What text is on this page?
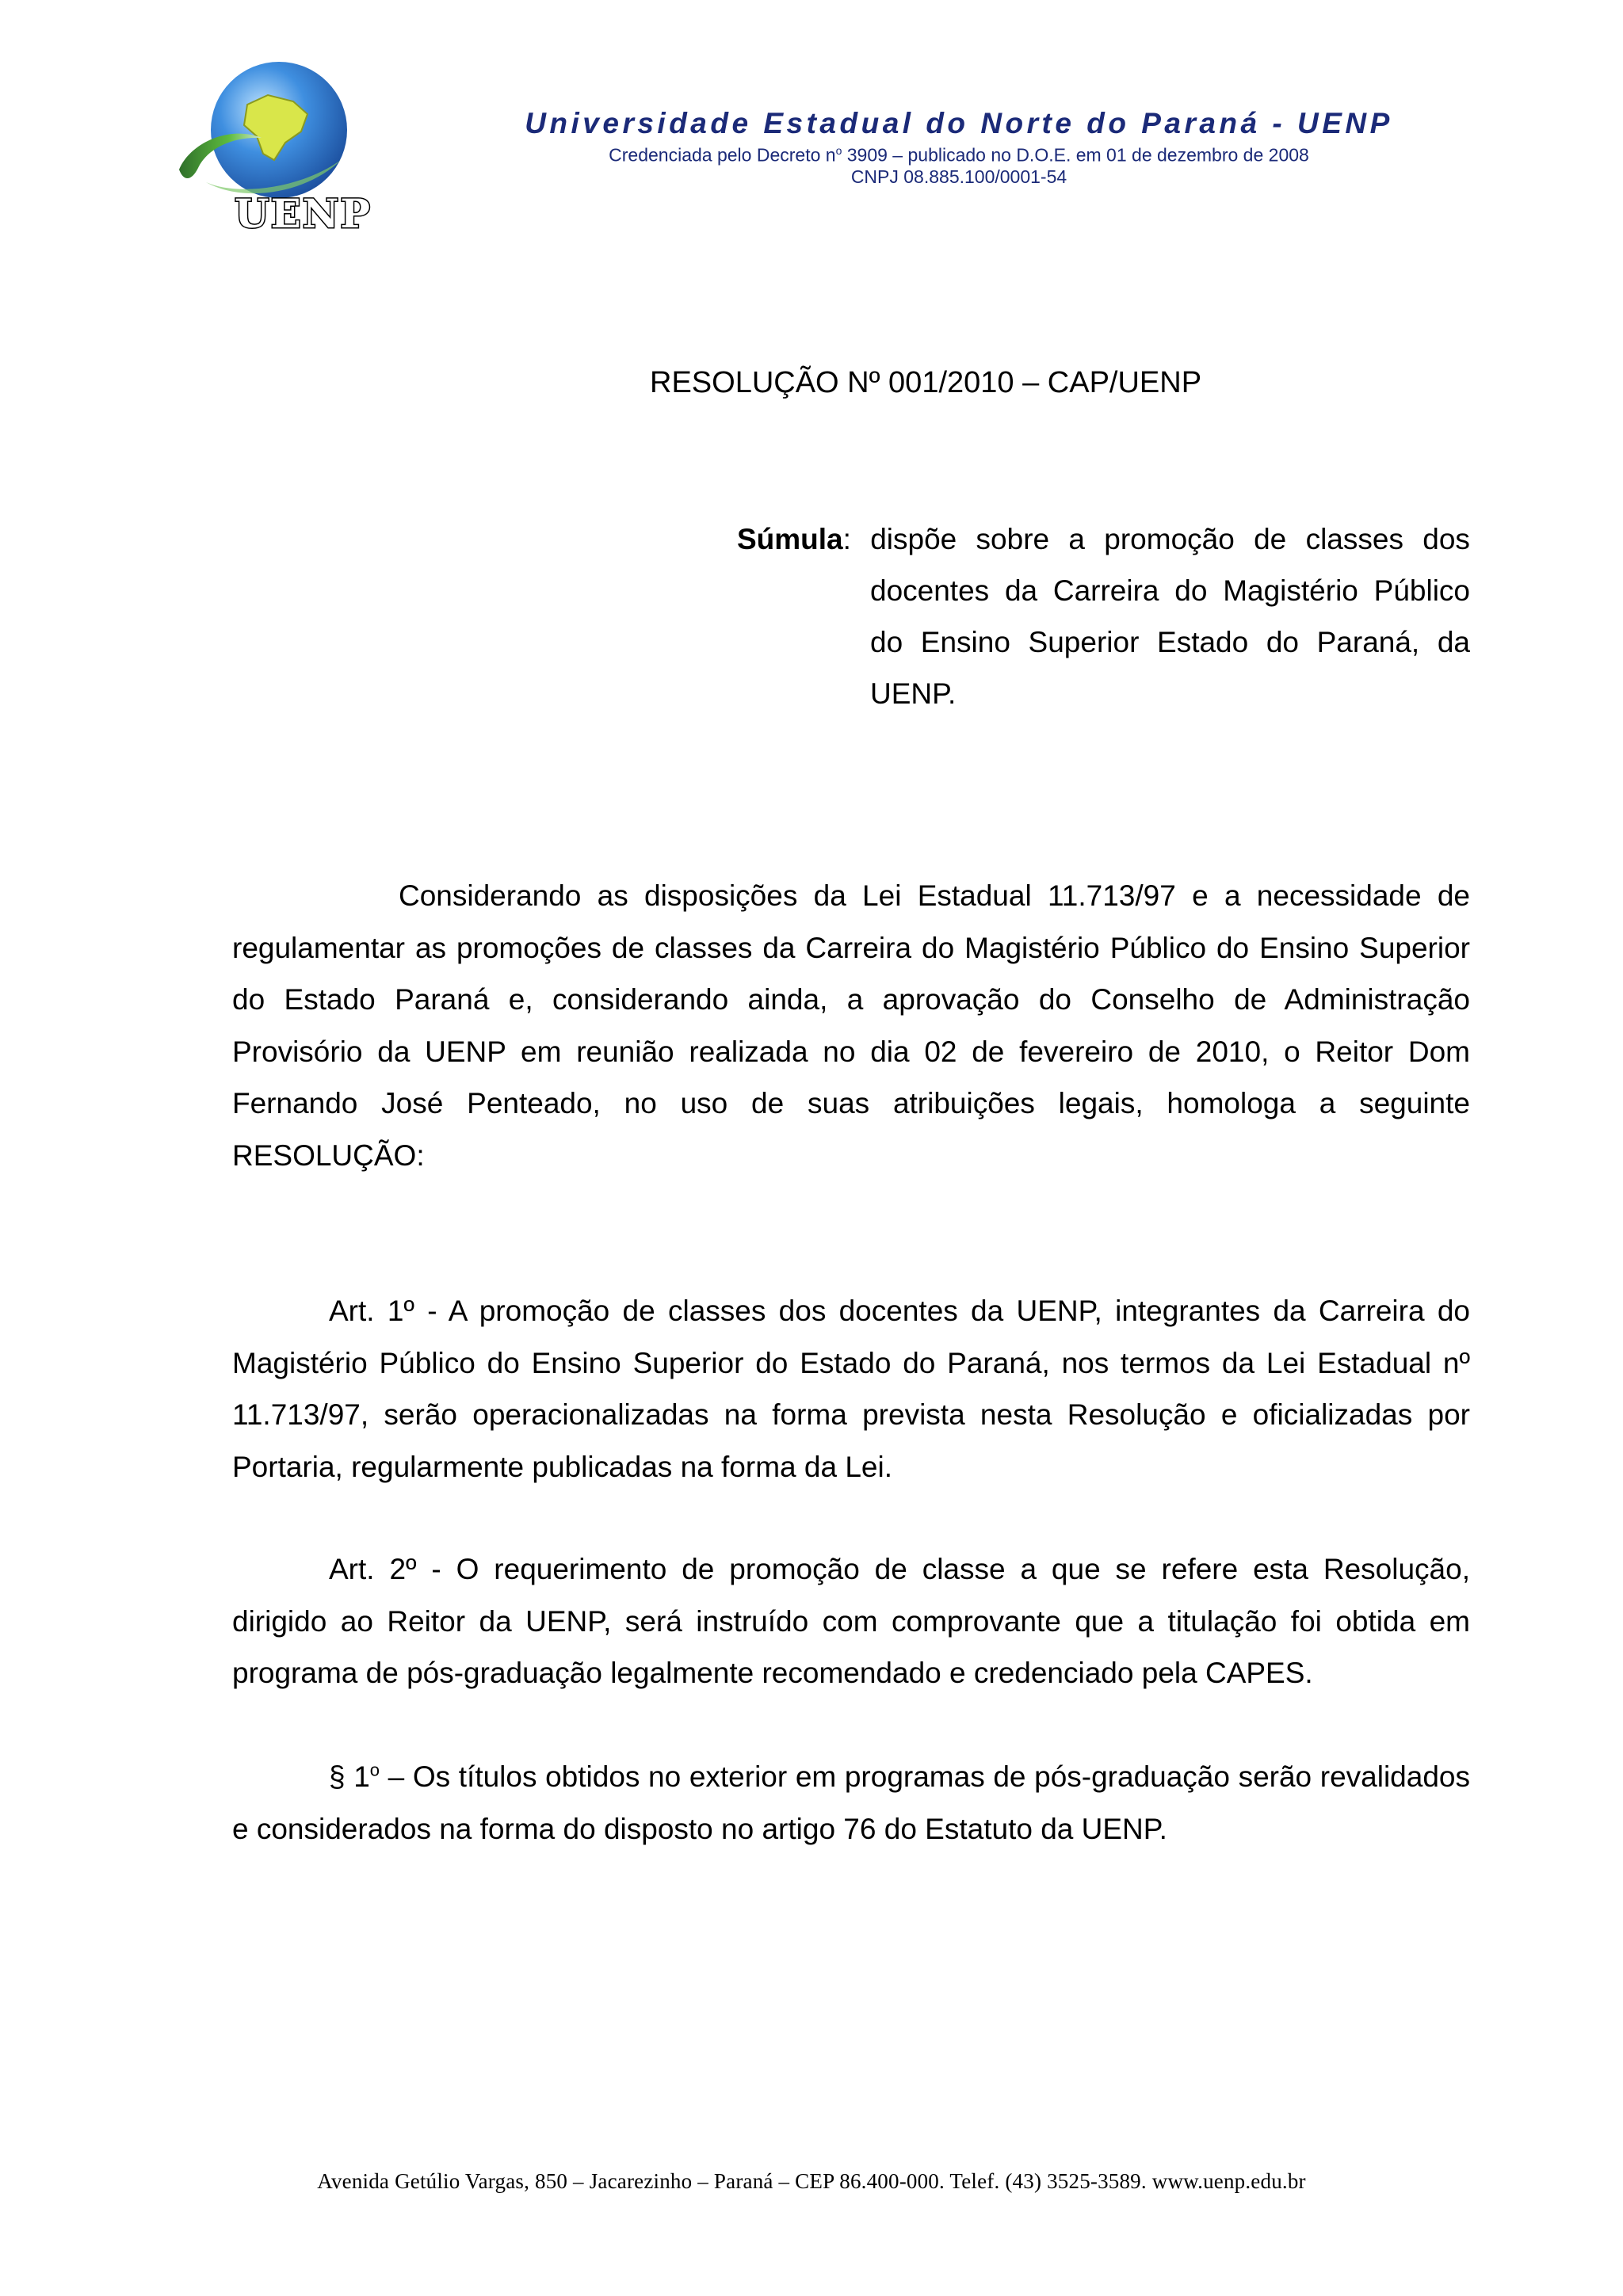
UENP
Universidade Estadual do Norte do Paraná - UENP
Credenciada pelo Decreto $n^o$ 3909 – publicado no D.O.E. em 01 de dezembro de 2008
CNPJ 08.885.100/0001-54
RESOLUÇÃO Nº 001/2010 – CAP/UENP
Súmula: dispõe sobre a promoção de classes dos
docentes da Carreira do Magistério Público
do Ensino Superior Estado do Paraná, da
UENP.

Considerando as disposições da Lei Estadual 11.713/97 e a necessidade de regulamentar as promoções de classes da Carreira do Magistério Público do Ensino Superior do Estado Paraná e, considerando ainda, a aprovação do Conselho de Administração Provisório da UENP em reunião realizada no dia 02 de fevereiro de 2010, o Reitor Dom Fernando José Penteado, no uso de suas atribuições legais, homologa a seguinte RESOLUÇÃO:

Art. 1º - A promoção de classes dos docentes da UENP, integrantes da Carreira do Magistério Público do Ensino Superior do Estado do Paraná, nos termos da Lei Estadual nº 11.713/97, serão operacionalizadas na forma prevista nesta Resolução e oficializadas por Portaria, regularmente publicadas na forma da Lei.

Art. 2º - O requerimento de promoção de classe a que se refere esta Resolução, dirigido ao Reitor da UENP, será instruído com comprovante que a titulação foi obtida em programa de pós-graduação legalmente recomendado e credenciado pela CAPES.

§ 1$^o$ – Os títulos obtidos no exterior em programas de pós-graduação serão revalidados e considerados na forma do disposto no artigo 76 do Estatuto da UENP.

Avenida Getúlio Vargas, 850 – Jacarezinho – Paraná – CEP 86.400-000. Telef. (43) 3525-3589. www.uenp.edu.br
